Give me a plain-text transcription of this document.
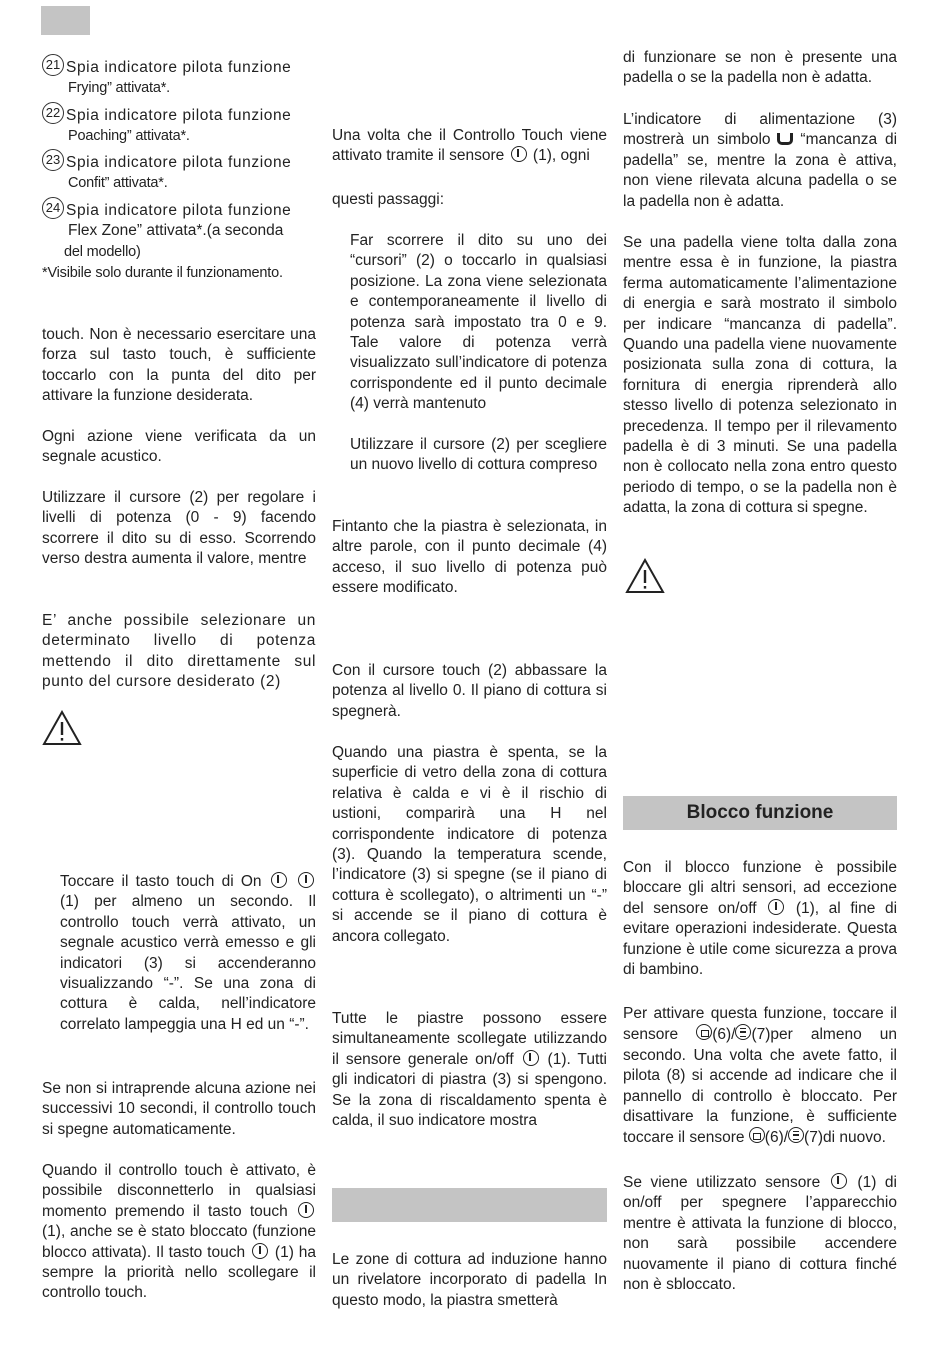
21 Spia indicatore pilota funzione

Frying” attivata*.

22 Spia indicatore pilota funzione

Poaching” attivata*.

23 Spia indicatore pilota funzione

Confit” attivata*.

24 Spia indicatore pilota funzione

Flex Zone” attivata*.(a seconda

del modello)

*Visibile solo durante il funzionamento.

touch. Non è necessario esercitare una forza sul tasto touch, è sufficiente toccarlo con la punta del dito per attivare la funzione desiderata.

Ogni azione viene verificata da un segnale acustico.

Utilizzare il cursore (2) per regolare i livelli di potenza (0 - 9) facendo scorrere il dito su di esso. Scorrendo verso destra aumenta il valore, mentre

E’ anche possibile selezionare un determinato livello di potenza mettendo il dito direttamente sul punto del cursore desiderato (2)

Toccare il tasto touch di On   (1) per almeno un secondo. Il controllo touch verrà attivato, un segnale acustico verrà emesso e gli indicatori (3) si accenderanno visualizzando “-”. Se una zona di cottura è calda, nell’indicatore correlato lampeggia una H ed un “-”.

Se non si intraprende alcuna azione nei successivi 10 secondi, il controllo touch si spegne automaticamente.

Quando il controllo touch è attivato, è possibile disconnetterlo in qualsiasi momento premendo il tasto touch  (1), anche se è stato bloccato (funzione blocco attivata). Il tasto touch (1) ha sempre la priorità nello scollegare il controllo touch.

Una volta che il Controllo Touch viene attivato tramite il sensore (1), ogni

questi passaggi:

Far scorrere il dito su uno dei “cursori” (2) o toccarlo in qualsiasi posizione. La zona viene selezionata e contemporaneamente il livello di potenza sarà impostato tra 0 e 9. Tale valore di potenza verrà visualizzato sull’indicatore di potenza corrispondente ed il punto decimale (4) verrà mantenuto

Utilizzare il cursore (2) per scegliere un nuovo livello di cottura compreso

Fintanto che la piastra è selezionata, in altre parole, con il punto decimale (4) acceso, il suo livello di potenza può essere modificato.

Con il cursore touch (2) abbassare la potenza al livello 0. Il piano di cottura si spegnerà.

Quando una piastra è spenta, se la superficie di vetro della zona di cottura relativa è calda e vi è il rischio di ustioni, comparirà una H nel corrispondente indicatore di potenza (3). Quando la temperatura scende, l’indicatore (3) si spegne (se il piano di cottura è scollegato), o altrimenti un “-” si accende se il piano di cottura è ancora collegato.

Tutte le piastre possono essere simultaneamente scollegate utilizzando il sensore generale on/off (1). Tutti gli indicatori di piastra (3) si spengono. Se la zona di riscaldamento spenta è calda, il suo indicatore mostra

Le zone di cottura ad induzione hanno un rivelatore incorporato di padella In questo modo, la piastra smetterà

di funzionare se non è presente una padella o se la padella non è adatta.

L’indicatore di alimentazione (3) mostrerà un simbolo “mancanza di padella” se, mentre la zona è attiva, non viene rilevata alcuna padella o se la padella non è adatta.

Se una padella viene tolta dalla zona mentre essa è in funzione, la piastra ferma automaticamente l’alimentazione di energia e sarà mostrato il simbolo per indicare “mancanza di padella”. Quando una padella viene nuovamente posizionata sulla zona di cottura, la fornitura di energia riprenderà allo stesso livello di potenza selezionato in precedenza. Il tempo per il rilevamento padella è di 3 minuti. Se una padella non è collocato nella zona entro questo periodo di tempo, o se la padella non è adatta, la zona di cottura si spegne.

Blocco funzione

Con il blocco funzione è possibile bloccare gli altri sensori, ad eccezione del sensore on/off	(1), al fine di evitare operazioni indesiderate. Questa funzione è utile come sicurezza a prova di bambino.

Per attivare questa funzione, toccare il sensore (6)/ (7)per almeno un secondo. Una volta che avete fatto, il pilota (8) si accende ad indicare che il pannello di controllo è bloccato. Per disattivare la funzione, è sufficiente toccare il sensore (6)/ (7)di nuovo.

Se viene utilizzato sensore (1) di on/off per spegnere l’apparecchio mentre è attivata la funzione di blocco, non sarà possibile accendere nuovamente il piano di cottura finché non è sbloccato.
